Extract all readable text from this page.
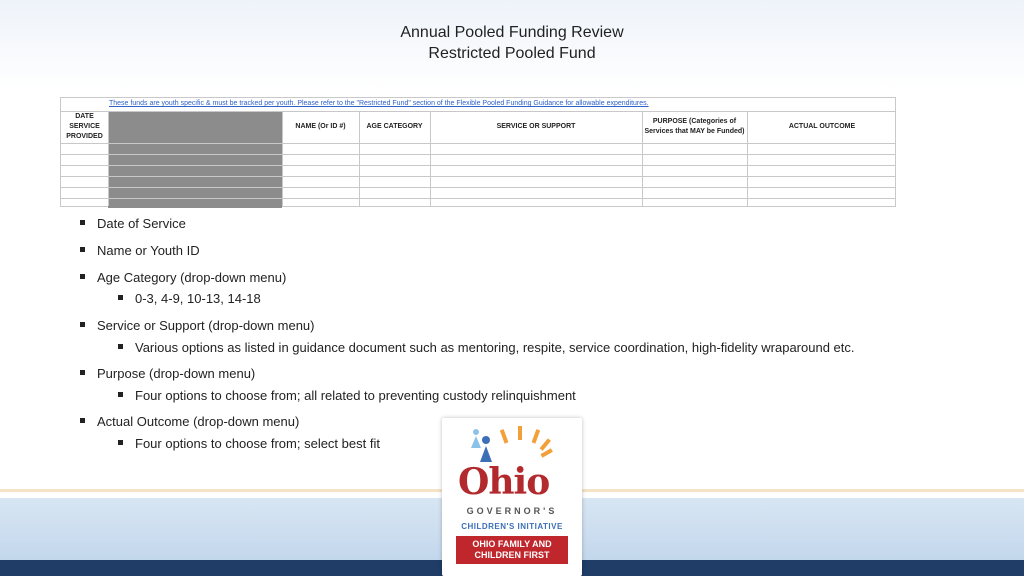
Annual Pooled Funding Review
Restricted Pooled Fund
These funds are youth specific & must be tracked per youth. Please refer to the "Restricted Fund" section of the Flexible Pooled Funding Guidance for allowable expenditures.
DATE SERVICE PROVIDED
NAME (Or ID #)	AGE CATEGORY	SERVICE OR SUPPORT
PURPOSE (Categories of Services that MAY be Funded)
ACTUAL OUTCOME
Date of Service
Name or Youth ID
Age Category (drop-down menu)
0-3, 4-9, 10-13, 14-18
Service or Support (drop-down menu)
Various options as listed in guidance document such as mentoring, respite, service coordination, high-fidelity wraparound etc.
Purpose (drop-down menu)
Four options to choose from; all related to preventing custody relinquishment
Actual Outcome (drop-down menu)
Four options to choose from; select best fit
Ohio
GOVERNOR'S
CHILDREN'S INITIATIVE
OHIO FAMILY AND
CHILDREN FIRST
